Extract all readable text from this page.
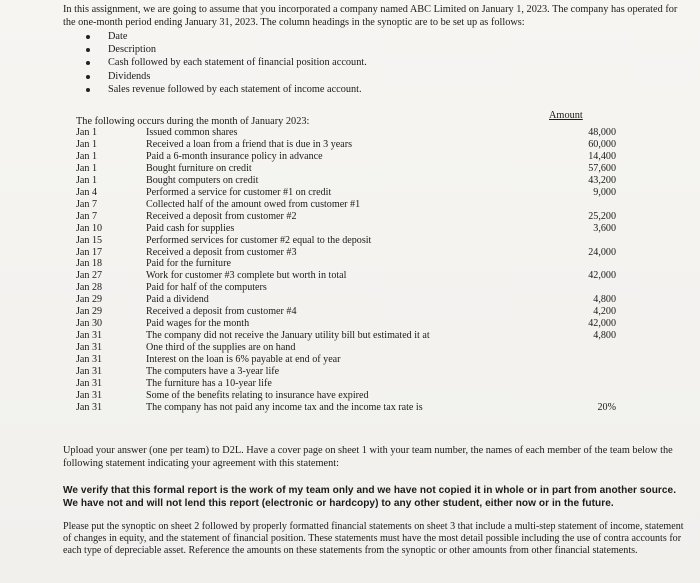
In this assignment, we are going to assume that you incorporated a company named ABC Limited on January 1, 2023. The company has operated for the one-month period ending January 31, 2023. The column headings in the synoptic are to be set up as follows:
Date
Description
Cash followed by each statement of financial position account.
Dividends
Sales revenue followed by each statement of income account.
The following occurs during the month of January 2023:
Amount
Jan 1	Issued common shares	48,000
Jan 1	Received a loan from a friend that is due in 3 years	60,000
Jan 1	Paid a 6-month insurance policy in advance	14,400
Jan 1	Bought furniture on credit	57,600
Jan 1	Bought computers on credit	43,200
Jan 4	Performed a service for customer #1 on credit	9,000
Jan 7	Collected half of the amount owed from customer #1	
Jan 7	Received a deposit from customer #2	25,200
Jan 10	Paid cash for supplies	3,600
Jan 15	Performed services for customer #2 equal to the deposit	
Jan 17	Received a deposit from customer #3	24,000
Jan 18	Paid for the furniture	
Jan 27	Work for customer #3 complete but worth in total	42,000
Jan 28	Paid for half of the computers	
Jan 29	Paid a dividend	4,800
Jan 29	Received a deposit from customer #4	4,200
Jan 30	Paid wages for the month	42,000
Jan 31	The company did not receive the January utility bill but estimated it at	4,800
Jan 31	One third of the supplies are on hand	
Jan 31	Interest on the loan is 6% payable at end of year	
Jan 31	The computers have a 3-year life	
Jan 31	The furniture has a 10-year life	
Jan 31	Some of the benefits relating to insurance have expired	
Jan 31	The company has not paid any income tax and the income tax rate is	20%
Upload your answer (one per team) to D2L. Have a cover page on sheet 1 with your team number, the names of each member of the team below the following statement indicating your agreement with this statement:
We verify that this formal report is the work of my team only and we have not copied it in whole or in part from another source. We have not and will not lend this report (electronic or hardcopy) to any other student, either now or in the future.
Please put the synoptic on sheet 2 followed by properly formatted financial statements on sheet 3 that include a multi-step statement of income, statement of changes in equity, and the statement of financial position. These statements must have the most detail possible including the use of contra accounts for each type of depreciable asset. Reference the amounts on these statements from the synoptic or other amounts from other financial statements.
